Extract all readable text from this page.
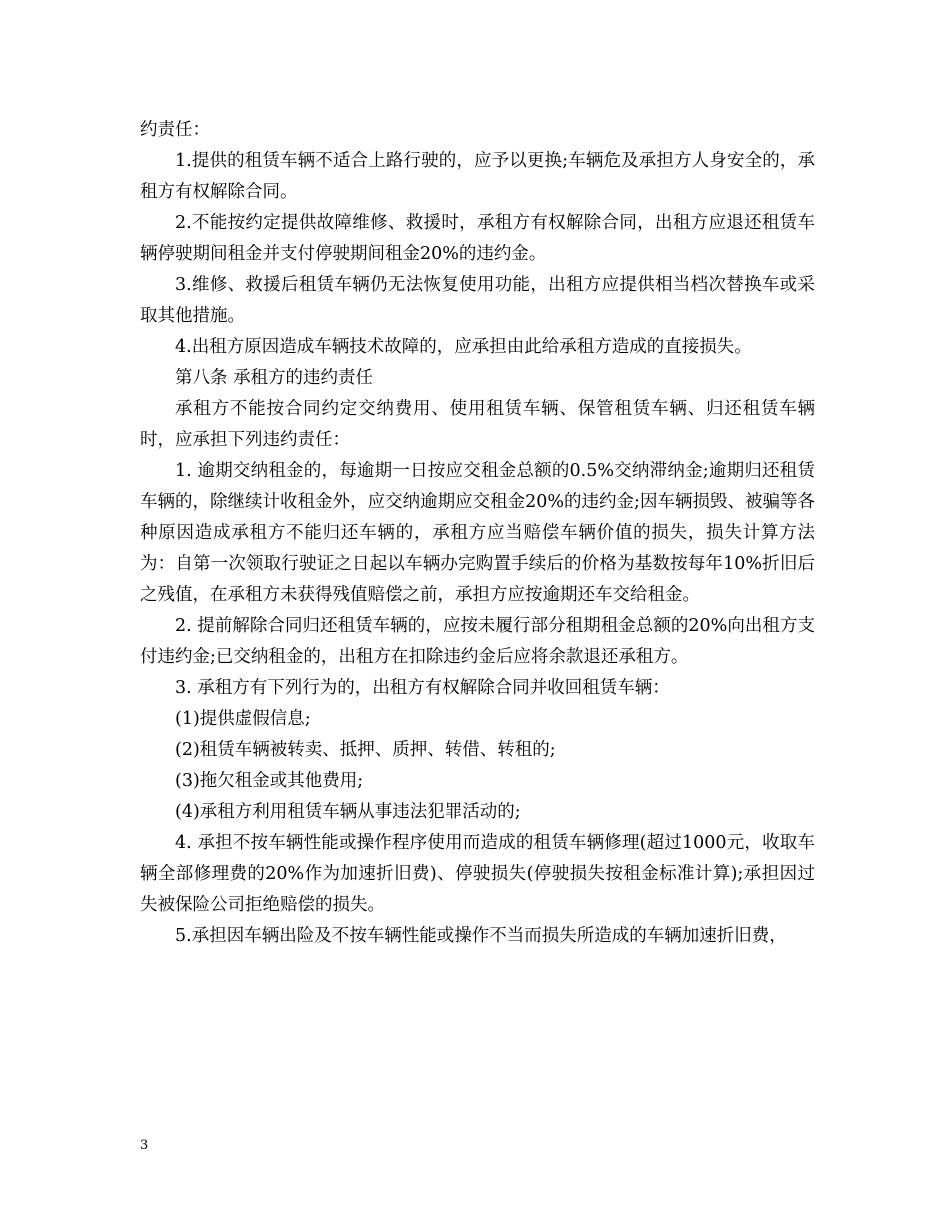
约责任：

1.提供的租赁车辆不适合上路行驶的，应予以更换;车辆危及承担方人身安全的，承租方有权解除合同。

2.不能按约定提供故障维修、救援时，承租方有权解除合同，出租方应退还租赁车辆停驶期间租金并支付停驶期间租金20%的违约金。

3.维修、救援后租赁车辆仍无法恢复使用功能，出租方应提供相当档次替换车或采取其他措施。

4.出租方原因造成车辆技术故障的，应承担由此给承租方造成的直接损失。

第八条 承租方的违约责任

承租方不能按合同约定交纳费用、使用租赁车辆、保管租赁车辆、归还租赁车辆时，应承担下列违约责任：

1. 逾期交纳租金的，每逾期一日按应交租金总额的0.5%交纳滞纳金;逾期归还租赁车辆的，除继续计收租金外，应交纳逾期应交租金20%的违约金;因车辆损毁、被骗等各种原因造成承租方不能归还车辆的，承租方应当赔偿车辆价值的损失，损失计算方法为：自第一次领取行驶证之日起以车辆办完购置手续后的价格为基数按每年10%折旧后之残值，在承租方未获得残值赔偿之前，承担方应按逾期还车交给租金。

2. 提前解除合同归还租赁车辆的，应按未履行部分租期租金总额的20%向出租方支付违约金;已交纳租金的，出租方在扣除违约金后应将余款退还承租方。

3. 承租方有下列行为的，出租方有权解除合同并收回租赁车辆：

(1)提供虚假信息;

(2)租赁车辆被转卖、抵押、质押、转借、转租的;

(3)拖欠租金或其他费用;

(4)承租方利用租赁车辆从事违法犯罪活动的;

4. 承担不按车辆性能或操作程序使用而造成的租赁车辆修理(超过1000元，收取车辆全部修理费的20%作为加速折旧费)、停驶损失(停驶损失按租金标准计算);承担因过失被保险公司拒绝赔偿的损失。

5.承担因车辆出险及不按车辆性能或操作不当而损失所造成的车辆加速折旧费，

3
